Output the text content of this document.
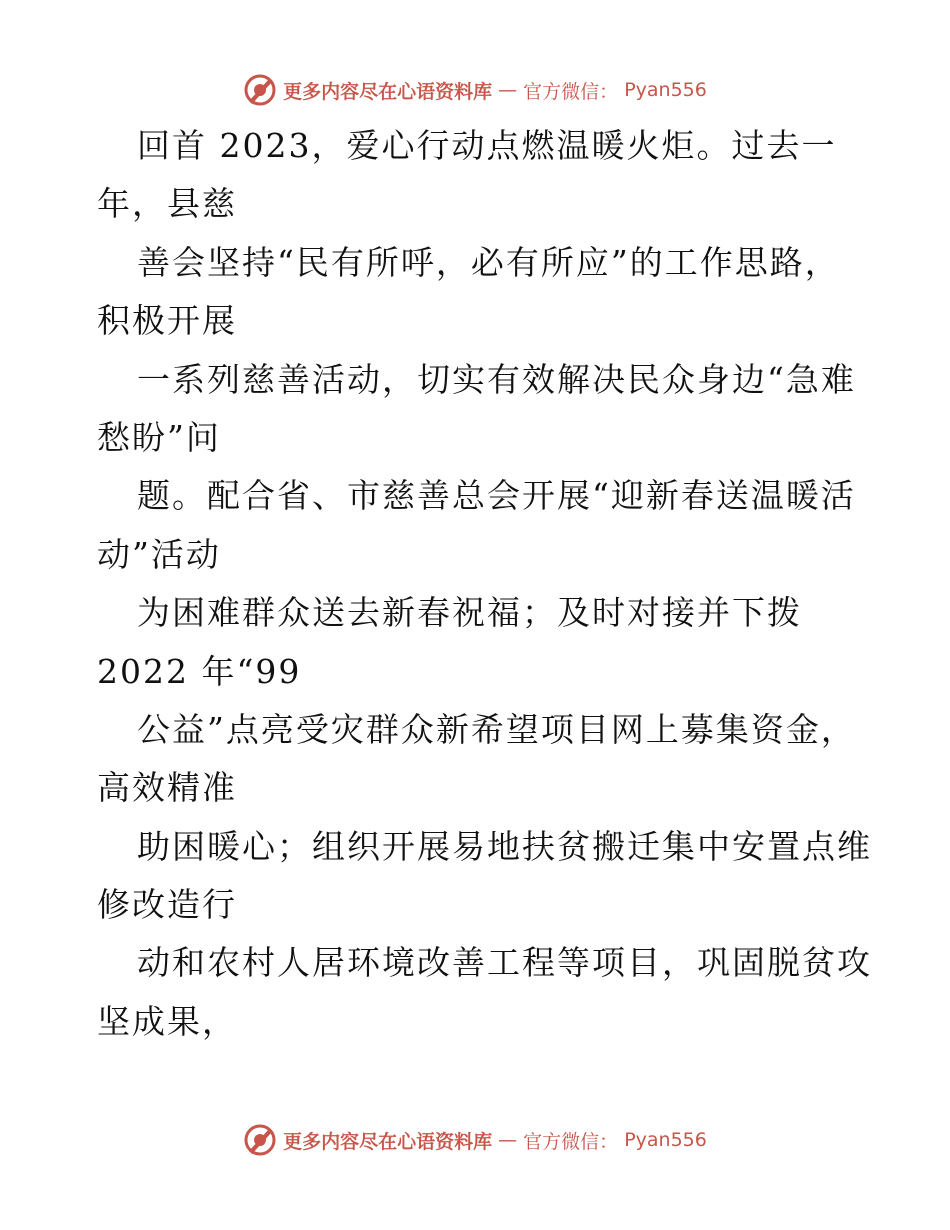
更多内容尽在心语资料库 — 官方微信： Pyan556
回首 2023，爱心行动点燃温暖火炬。过去一
年，县慈
善会坚持“民有所呼，必有所应”的工作思路，
积极开展
一系列慈善活动，切实有效解决民众身边“急难
愁盼”问
题。配合省、市慈善总会开展“迎新春送温暖活
动”活动
为困难群众送去新春祝福；及时对接并下拨
2022 年“99
公益”点亮受灾群众新希望项目网上募集资金，
高效精准
助困暖心；组织开展易地扶贫搬迁集中安置点维
修改造行
动和农村人居环境改善工程等项目，巩固脱贫攻
坚成果，
更多内容尽在心语资料库 — 官方微信： Pyan556
